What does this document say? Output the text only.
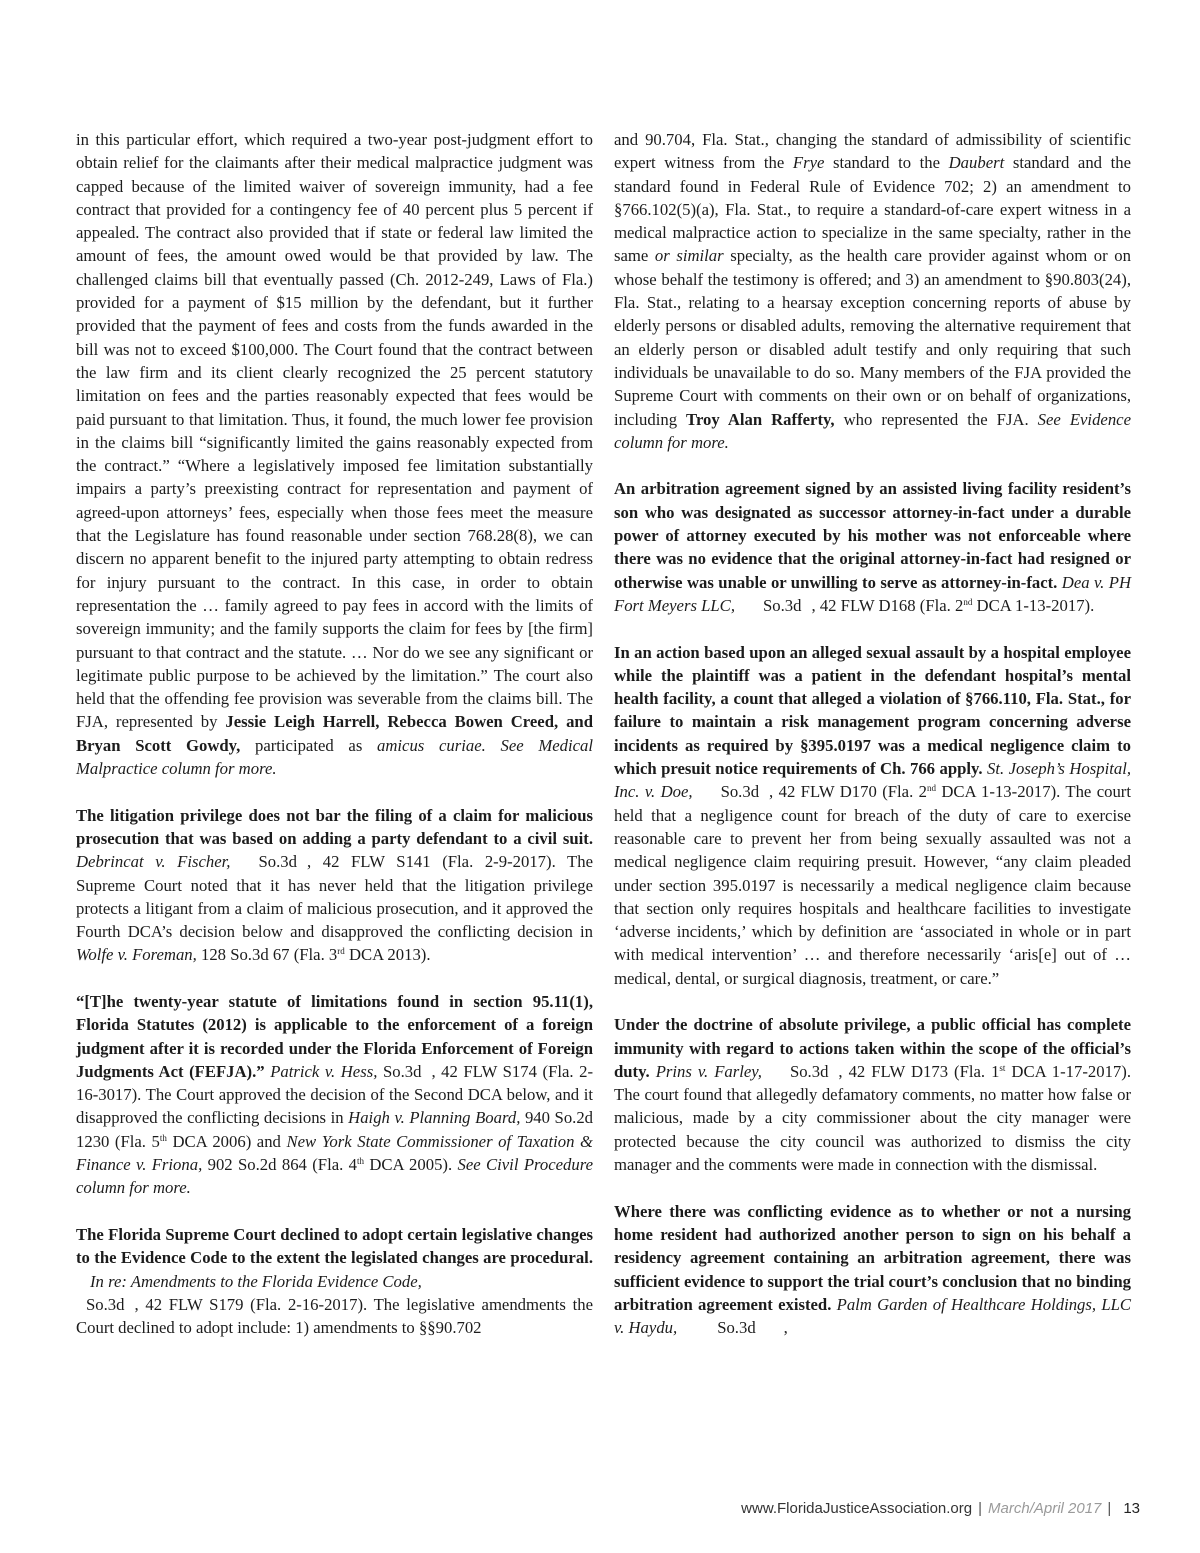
in this particular effort, which required a two-year post-judgment effort to obtain relief for the claimants after their medical malpractice judgment was capped because of the limited waiver of sovereign immunity, had a fee contract that provided for a contingency fee of 40 percent plus 5 percent if appealed. The contract also provided that if state or federal law limited the amount of fees, the amount owed would be that provided by law. The challenged claims bill that eventually passed (Ch. 2012-249, Laws of Fla.) provided for a payment of $15 million by the defendant, but it further provided that the payment of fees and costs from the funds awarded in the bill was not to exceed $100,000. The Court found that the contract between the law firm and its client clearly recognized the 25 percent statutory limitation on fees and the parties reasonably expected that fees would be paid pursuant to that limitation. Thus, it found, the much lower fee provision in the claims bill “significantly limited the gains reasonably expected from the contract.” “Where a legislatively imposed fee limitation substantially impairs a party’s preexisting contract for representation and payment of agreed-upon attorneys’ fees, especially when those fees meet the measure that the Legislature has found reasonable under section 768.28(8), we can discern no apparent benefit to the injured party attempting to obtain redress for injury pursuant to the contract. In this case, in order to obtain representation the … family agreed to pay fees in accord with the limits of sovereign immunity; and the family supports the claim for fees by [the firm] pursuant to that contract and the statute. … Nor do we see any significant or legitimate public purpose to be achieved by the limitation.” The court also held that the offending fee provision was severable from the claims bill. The FJA, represented by Jessie Leigh Harrell, Rebecca Bowen Creed, and Bryan Scott Gowdy, participated as amicus curiae. See Medical Malpractice column for more.

The litigation privilege does not bar the filing of a claim for malicious prosecution that was based on adding a party defendant to a civil suit. Debrincat v. Fischer, So.3d , 42 FLW S141 (Fla. 2-9-2017). The Supreme Court noted that it has never held that the litigation privilege protects a litigant from a claim of malicious prosecution, and it approved the Fourth DCA’s decision below and disapproved the conflicting decision in Wolfe v. Foreman, 128 So.3d 67 (Fla. 3rd DCA 2013).

“[T]he twenty-year statute of limitations found in section 95.11(1), Florida Statutes (2012) is applicable to the enforcement of a foreign judgment after it is recorded under the Florida Enforcement of Foreign Judgments Act (FEFJA).” Patrick v. Hess, So.3d , 42 FLW S174 (Fla. 2-16-3017). The Court approved the decision of the Second DCA below, and it disapproved the conflicting decisions in Haigh v. Planning Board, 940 So.2d 1230 (Fla. 5th DCA 2006) and New York State Commissioner of Taxation & Finance v. Friona, 902 So.2d 864 (Fla. 4th DCA 2005). See Civil Procedure column for more.

The Florida Supreme Court declined to adopt certain legislative changes to the Evidence Code to the extent the legislated changes are procedural.In re: Amendments to the Florida Evidence Code,
So.3d , 42 FLW S179 (Fla. 2-16-2017). The legislative amendments the Court declined to adopt include: 1) amendments to §§90.702

and 90.704, Fla. Stat., changing the standard of admissibility of scientific expert witness from the Frye standard to the Daubert standard and the standard found in Federal Rule of Evidence 702; 2) an amendment to §766.102(5)(a), Fla. Stat., to require a standard-of-care expert witness in a medical malpractice action to specialize in the same specialty, rather in the same or similar specialty, as the health care provider against whom or on whose behalf the testimony is offered; and 3) an amendment to §90.803(24), Fla. Stat., relating to a hearsay exception concerning reports of abuse by elderly persons or disabled adults, removing the alternative requirement that an elderly person or disabled adult testify and only requiring that such individuals be unavailable to do so. Many members of the FJA provided the Supreme Court with comments on their own or on behalf of organizations, including Troy Alan Rafferty, who represented the FJA. See Evidence column for more.

An arbitration agreement signed by an assisted living facility resident’s son who was designated as successor attorney-in-fact under a durable power of attorney executed by his mother was not enforceable where there was no evidence that the original attorney-in-fact had resigned or otherwise was unable or unwilling to serve as attorney-in-fact. Dea v. PH Fort Meyers LLC, So.3d , 42 FLW D168 (Fla. 2nd DCA 1-13-2017).

In an action based upon an alleged sexual assault by a hospital employee while the plaintiff was a patient in the defendant hospital’s mental health facility, a count that alleged a violation of §766.110, Fla. Stat., for failure to maintain a risk management program concerning adverse incidents as required by §395.0197 was a medical negligence claim to which presuit notice requirements of Ch. 766 apply. St. Joseph’s Hospital, Inc. v. Doe, So.3d , 42 FLW D170 (Fla. 2nd DCA 1-13-2017). The court held that a negligence count for breach of the duty of care to exercise reasonable care to prevent her from being sexually assaulted was not a medical negligence claim requiring presuit. However, “any claim pleaded under section 395.0197 is necessarily a medical negligence claim because that section only requires hospitals and healthcare facilities to investigate ‘adverse incidents,’ which by definition are ‘associated in whole or in part with medical intervention’ … and therefore necessarily ‘aris[e] out of … medical, dental, or surgical diagnosis, treatment, or care.”

Under the doctrine of absolute privilege, a public official has complete immunity with regard to actions taken within the scope of the official’s duty. Prins v. Farley, So.3d , 42 FLW D173 (Fla. 1st DCA 1-17-2017). The court found that allegedly defamatory comments, no matter how false or malicious, made by a city commissioner about the city manager were protected because the city council was authorized to dismiss the city manager and the comments were made in connection with the dismissal.

Where there was conflicting evidence as to whether or not a nursing home resident had authorized another person to sign on his behalf a residency agreement containing an arbitration agreement, there was sufficient evidence to support the trial court’s conclusion that no binding arbitration agreement existed. Palm Garden of Healthcare Holdings, LLC v. Haydu, So.3d ,

www.FloridaJusticeAssociation.org | March/April 2017 | 13
